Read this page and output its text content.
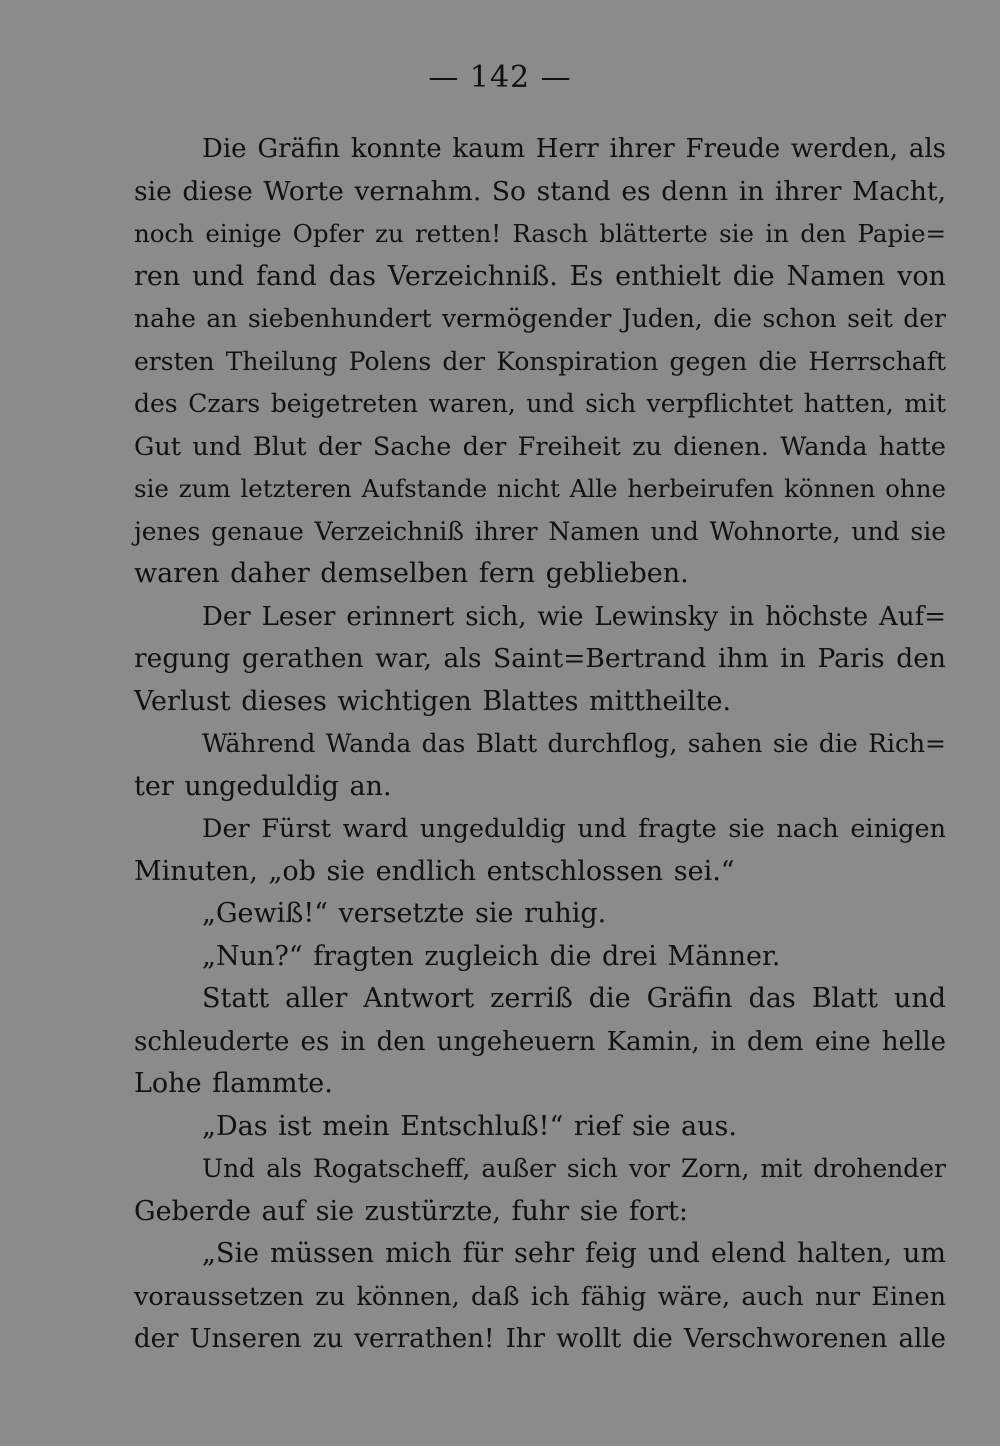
— 142 —
Die Gräfin konnte kaum Herr ihrer Freude werden, als
sie diese Worte vernahm. So stand es denn in ihrer Macht,
noch einige Opfer zu retten! Rasch blätterte sie in den Papie=
ren und fand das Verzeichniß. Es enthielt die Namen von
nahe an siebenhundert vermögender Juden, die schon seit der
ersten Theilung Polens der Konspiration gegen die Herrschaft
des Czars beigetreten waren, und sich verpflichtet hatten, mit
Gut und Blut der Sache der Freiheit zu dienen. Wanda hatte
sie zum letzteren Aufstande nicht Alle herbeirufen können ohne
jenes genaue Verzeichniß ihrer Namen und Wohnorte, und sie
waren daher demselben fern geblieben.
Der Leser erinnert sich, wie Lewinsky in höchste Auf=
regung gerathen war, als Saint=Bertrand ihm in Paris den
Verlust dieses wichtigen Blattes mittheilte.
Während Wanda das Blatt durchflog, sahen sie die Rich=
ter ungeduldig an.
Der Fürst ward ungeduldig und fragte sie nach einigen
Minuten, „ob sie endlich entschlossen sei.“
„Gewiß!“ versetzte sie ruhig.
„Nun?“ fragten zugleich die drei Männer.
Statt aller Antwort zerriß die Gräfin das Blatt und
schleuderte es in den ungeheuern Kamin, in dem eine helle
Lohe flammte.
„Das ist mein Entschluß!“ rief sie aus.
Und als Rogatscheff, außer sich vor Zorn, mit drohender
Geberde auf sie zustürzte, fuhr sie fort:
„Sie müssen mich für sehr feig und elend halten, um
voraussetzen zu können, daß ich fähig wäre, auch nur Einen
der Unseren zu verrathen! Ihr wollt die Verschworenen alle
